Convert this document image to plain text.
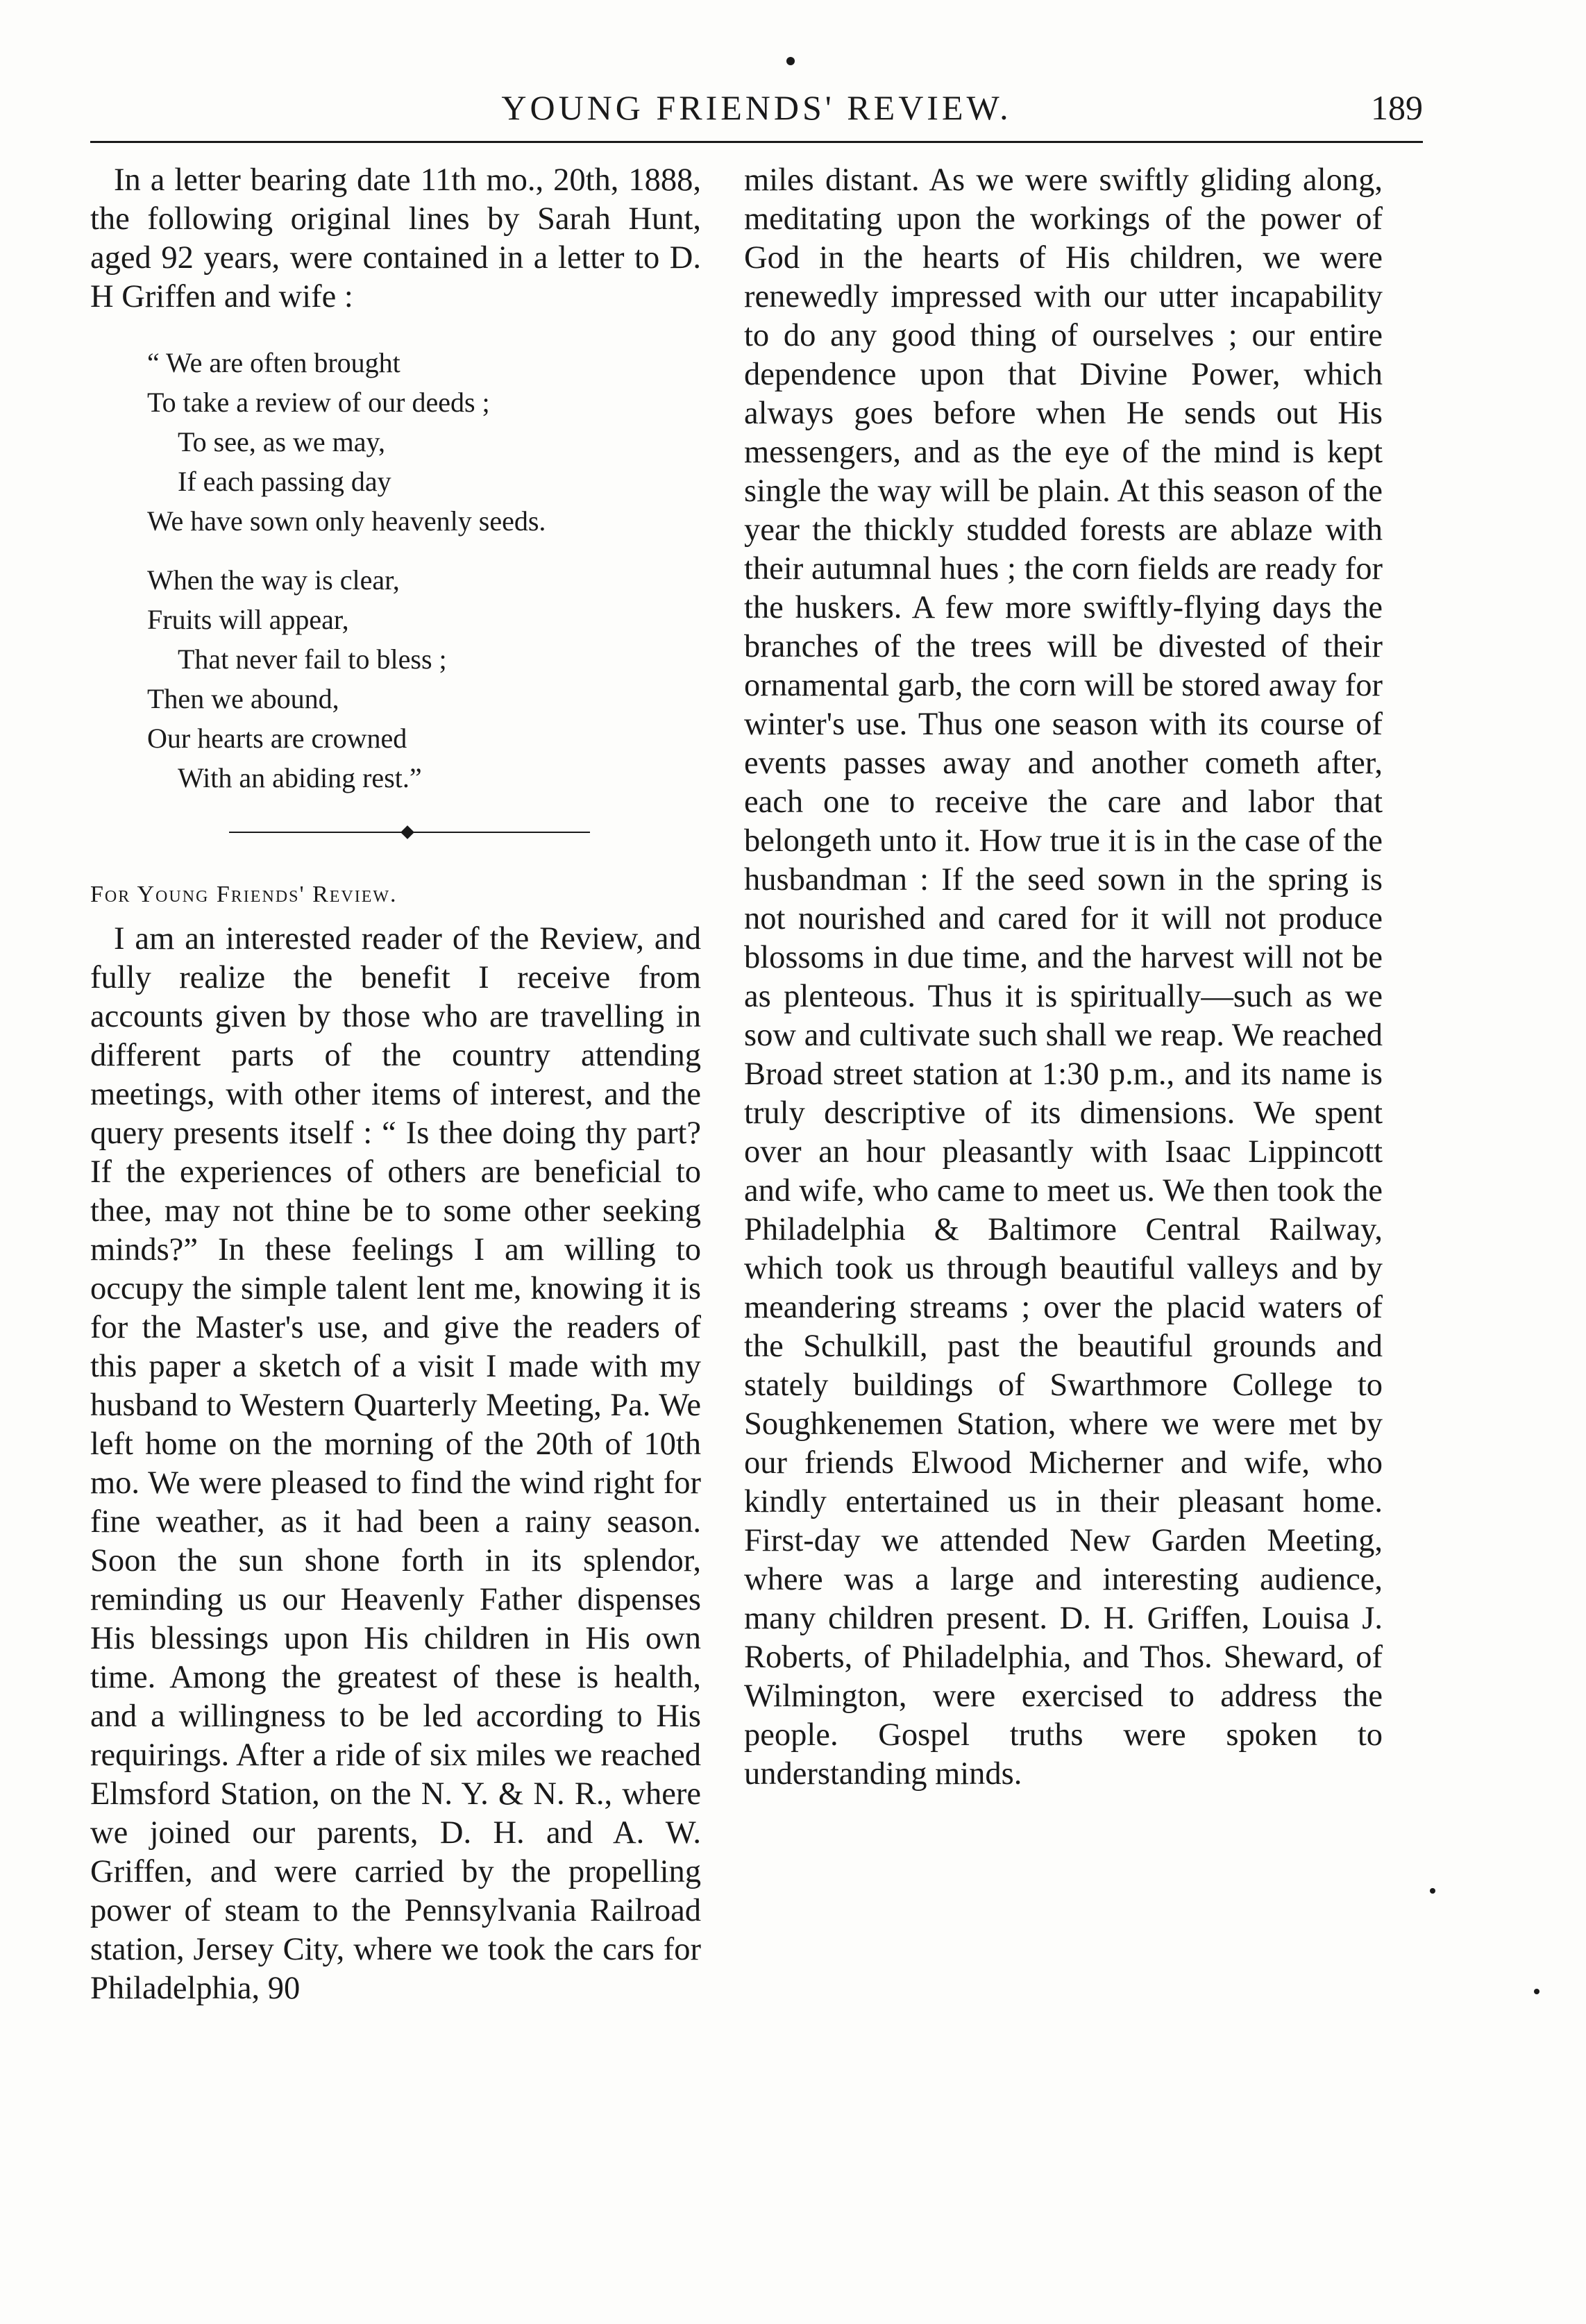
YOUNG FRIENDS' REVIEW.	189

In a letter bearing date 11th mo., 20th, 1888, the following original lines by Sarah Hunt, aged 92 years, were contained in a letter to D. H Griffen and wife :

“ We are often brought
To take a review of our deeds ;
To see, as we may,
If each passing day
We have sown only heavenly seeds.
When the way is clear,
Fruits will appear,
That never fail to bless ;
Then we abound,
Our hearts are crowned
With an abiding rest.”

For Young Friends' Review.

I am an interested reader of the Review, and fully realize the benefit I receive from accounts given by those who are travelling in different parts of the country attending meetings, with other items of interest, and the query presents itself : “ Is thee doing thy part? If the experiences of others are beneficial to thee, may not thine be to some other seeking minds?” In these feelings I am willing to occupy the simple talent lent me, knowing it is for the Master's use, and give the readers of this paper a sketch of a visit I made with my husband to Western Quarterly Meeting, Pa. We left home on the morning of the 20th of 10th mo. We were pleased to find the wind right for fine weather, as it had been a rainy season. Soon the sun shone forth in its splendor, reminding us our Heavenly Father dispenses His blessings upon His children in His own time. Among the greatest of these is health, and a willingness to be led according to His requirings. After a ride of six miles we reached Elmsford Station, on the N. Y. & N. R., where we joined our parents, D. H. and A. W. Griffen, and were carried by the propelling power of steam to the Pennsylvania Railroad station, Jersey City, where we took the cars for Philadelphia, 90

miles distant. As we were swiftly gliding along, meditating upon the workings of the power of God in the hearts of His children, we were renewedly impressed with our utter incapability to do any good thing of ourselves ; our entire dependence upon that Divine Power, which always goes before when He sends out His messengers, and as the eye of the mind is kept single the way will be plain. At this season of the year the thickly studded forests are ablaze with their autumnal hues ; the corn fields are ready for the huskers. A few more swiftly-flying days the branches of the trees will be divested of their ornamental garb, the corn will be stored away for winter's use. Thus one season with its course of events passes away and another cometh after, each one to receive the care and labor that belongeth unto it. How true it is in the case of the husbandman : If the seed sown in the spring is not nourished and cared for it will not produce blossoms in due time, and the harvest will not be as plenteous. Thus it is spiritually—such as we sow and cultivate such shall we reap. We reached Broad street station at 1:30 p.m., and its name is truly descriptive of its dimensions. We spent over an hour pleasantly with Isaac Lippincott and wife, who came to meet us. We then took the Philadelphia & Baltimore Central Railway, which took us through beautiful valleys and by meandering streams ; over the placid waters of the Schulkill, past the beautiful grounds and stately buildings of Swarthmore College to Soughkenemen Station, where we were met by our friends Elwood Micherner and wife, who kindly entertained us in their pleasant home. First-day we attended New Garden Meeting, where was a large and interesting audience, many children present. D. H. Griffen, Louisa J. Roberts, of Philadelphia, and Thos. Sheward, of Wilmington, were exercised to address the people. Gospel truths were spoken to understanding minds.
